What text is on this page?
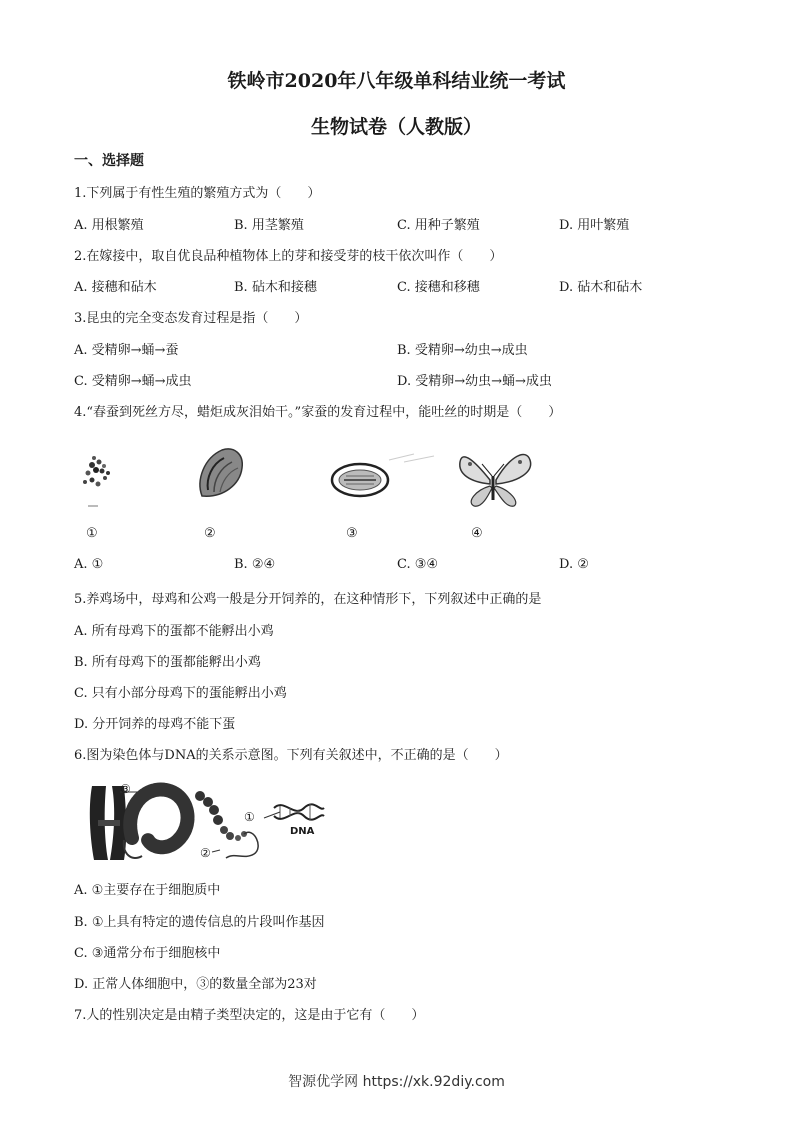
铁岭市2020年八年级单科结业统一考试
生物试卷（人教版）
一、选择题
1.下列属于有性生殖的繁殖方式为（　　）
A. 用根繁殖	B. 用茎繁殖	C. 用种子繁殖	D. 用叶繁殖
2.在嫁接中，取自优良品种植物体上的芽和接受芽的枝干依次叫作（　　）
A. 接穗和砧木	B. 砧木和接穗	C. 接穗和移穗	D. 砧木和砧木
3.昆虫的完全变态发育过程是指（　　）
A. 受精卵→蛹→蚕	B. 受精卵→幼虫→成虫
C. 受精卵→蛹→成虫	D. 受精卵→幼虫→蛹→成虫
4.“春蚕到死丝方尽，蜡炬成灰泪始干。”家蚕的发育过程中，能吐丝的时期是（　　）
①	②	③	④
A. ①	B. ②④	C. ③④	D. ②
5.养鸡场中，母鸡和公鸡一般是分开饲养的，在这种情形下，下列叙述中正确的是
A. 所有母鸡下的蛋都不能孵出小鸡
B. 所有母鸡下的蛋都能孵出小鸡
C. 只有小部分母鸡下的蛋能孵出小鸡
D. 分开饲养的母鸡不能下蛋
6.图为染色体与DNA的关系示意图。下列有关叙述中，不正确的是（　　）
③
①
②
DNA
A. ①主要存在于细胞质中
B. ①上具有特定的遗传信息的片段叫作基因
C. ③通常分布于细胞核中
D. 正常人体细胞中，③的数量全部为23对
7.人的性别决定是由精子类型决定的，这是由于它有（　　）
智源优学网 https://xk.92diy.com
